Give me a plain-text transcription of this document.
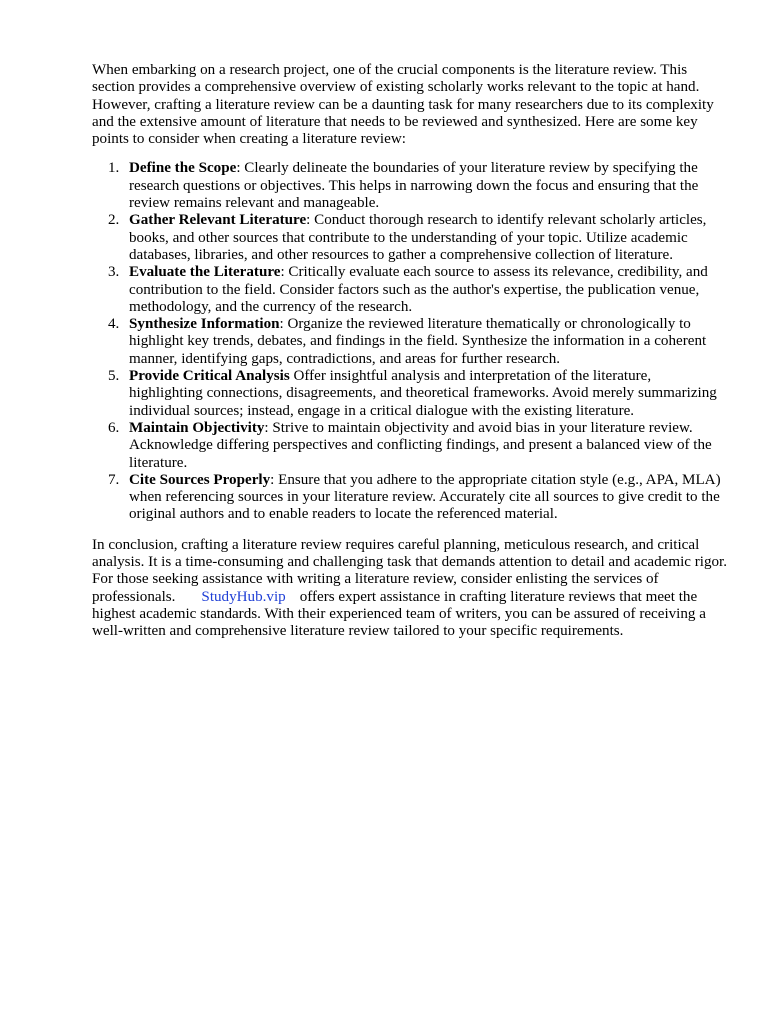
When embarking on a research project, one of the crucial components is the literature review. This section provides a comprehensive overview of existing scholarly works relevant to the topic at hand. However, crafting a literature review can be a daunting task for many researchers due to its complexity and the extensive amount of literature that needs to be reviewed and synthesized. Here are some key points to consider when creating a literature review:

1. Define the Scope: Clearly delineate the boundaries of your literature review by specifying the research questions or objectives. This helps in narrowing down the focus and ensuring that the review remains relevant and manageable.
2. Gather Relevant Literature: Conduct thorough research to identify relevant scholarly articles, books, and other sources that contribute to the understanding of your topic. Utilize academic databases, libraries, and other resources to gather a comprehensive collection of literature.
3. Evaluate the Literature: Critically evaluate each source to assess its relevance, credibility, and contribution to the field. Consider factors such as the author's expertise, the publication venue, methodology, and the currency of the research.
4. Synthesize Information: Organize the reviewed literature thematically or chronologically to highlight key trends, debates, and findings in the field. Synthesize the information in a coherent manner, identifying gaps, contradictions, and areas for further research.
5. Provide Critical Analysis Offer insightful analysis and interpretation of the literature, highlighting connections, disagreements, and theoretical frameworks. Avoid merely summarizing individual sources; instead, engage in a critical dialogue with the existing literature.
6. Maintain Objectivity: Strive to maintain objectivity and avoid bias in your literature review. Acknowledge differing perspectives and conflicting findings, and present a balanced view of the literature.
7. Cite Sources Properly: Ensure that you adhere to the appropriate citation style (e.g., APA, MLA) when referencing sources in your literature review. Accurately cite all sources to give credit to the original authors and to enable readers to locate the referenced material.

In conclusion, crafting a literature review requires careful planning, meticulous research, and critical analysis. It is a time-consuming and challenging task that demands attention to detail and academic rigor. For those seeking assistance with writing a literature review, consider enlisting the services of professionals. StudyHub.vip offers expert assistance in crafting literature reviews that meet the highest academic standards. With their experienced team of writers, you can be assured of receiving a well-written and comprehensive literature review tailored to your specific requirements.
